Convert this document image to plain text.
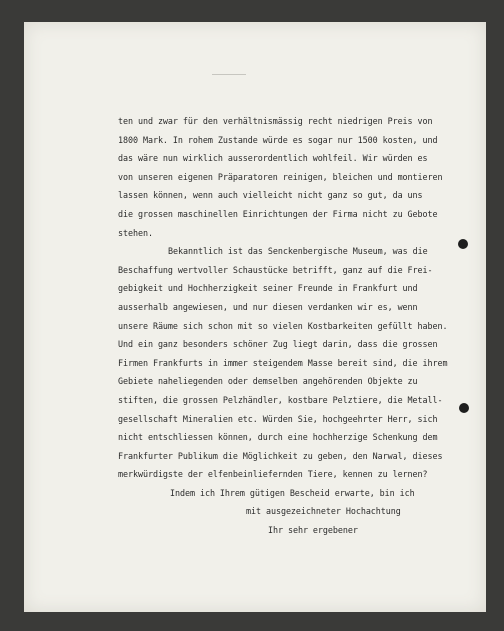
ten und zwar für den verhältnismässig recht niedrigen Preis von
1800 Mark. In rohem Zustande würde es sogar nur 1500 kosten, und
das wäre nun wirklich ausserordentlich wohlfeil. Wir würden es
von unseren eigenen Präparatoren reinigen, bleichen und montieren
lassen können, wenn auch vielleicht nicht ganz so gut, da uns
die grossen maschinellen Einrichtungen der Firma nicht zu Gebote
stehen.
Bekanntlich ist das Senckenbergische Museum, was die
Beschaffung wertvoller Schaustücke betrifft, ganz auf die Frei-
gebigkeit und Hochherzigkeit seiner Freunde in Frankfurt und
ausserhalb angewiesen, und nur diesen verdanken wir es, wenn
unsere Räume sich schon mit so vielen Kostbarkeiten gefüllt haben.
Und ein ganz besonders schöner Zug liegt darin, dass die grossen
Firmen Frankfurts in immer steigendem Masse bereit sind, die ihrem
Gebiete naheliegenden oder demselben angehörenden Objekte zu
stiften, die grossen Pelzhändler, kostbare Pelztiere, die Metall-
gesellschaft Mineralien etc. Würden Sie, hochgeehrter Herr, sich
nicht entschliessen können, durch eine hochherzige Schenkung dem
Frankfurter Publikum die Möglichkeit zu geben, den Narwal, dieses
merkwürdigste der elfenbeinliefernden Tiere, kennen zu lernen?
Indem ich Ihrem gütigen Bescheid erwarte, bin ich
mit ausgezeichneter Hochachtung
Ihr sehr ergebener
